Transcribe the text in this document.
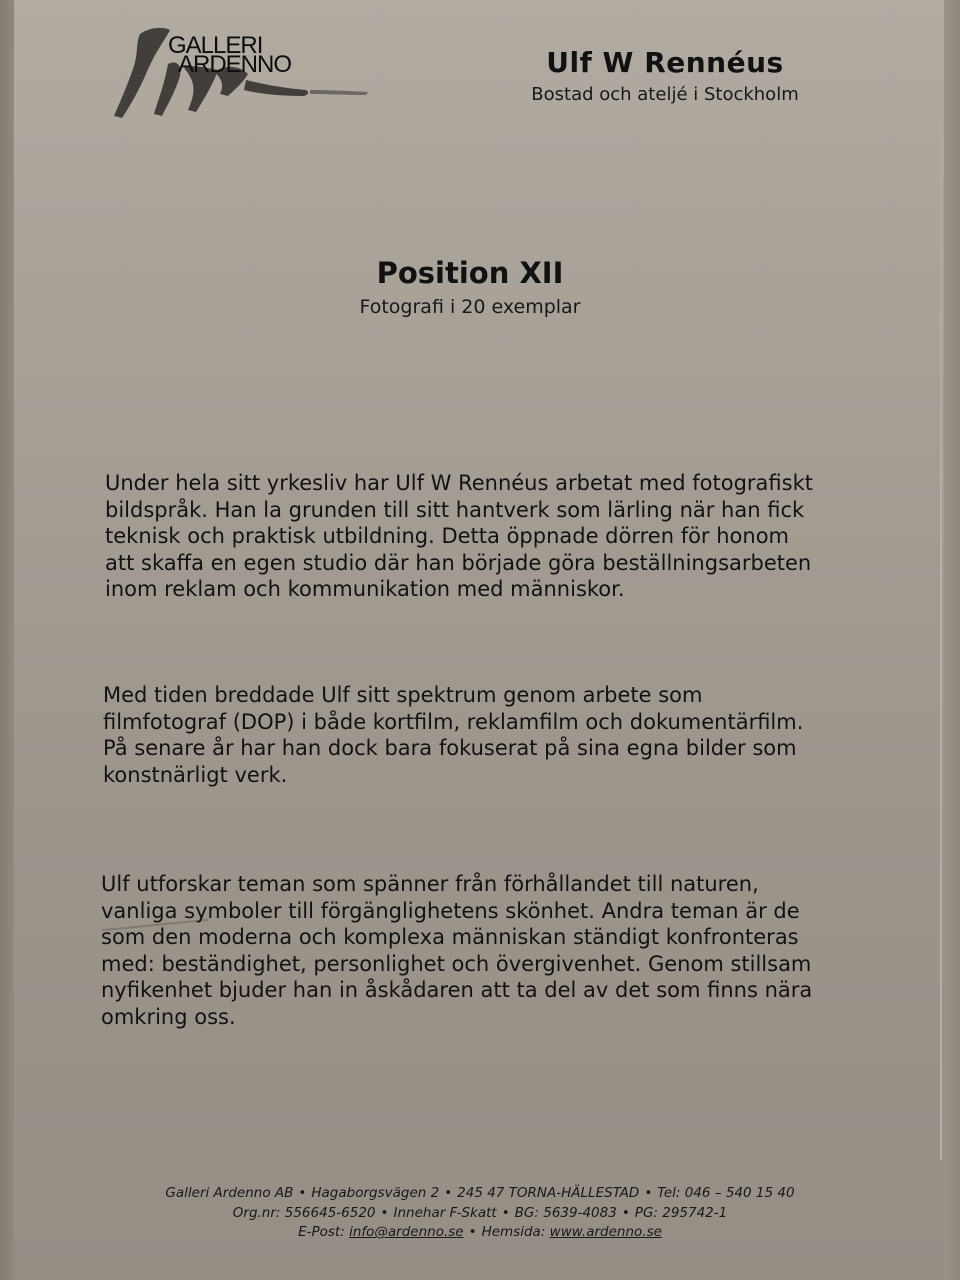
GALLERI
ARDENNO	Ulf W Rennéus
Bostad och ateljé i Stockholm
Position XII
Fotografi i 20 exemplar
Under hela sitt yrkesliv har Ulf W Rennéus arbetat med fotografiskt
bildspråk. Han la grunden till sitt hantverk som lärling när han fick
teknisk och praktisk utbildning. Detta öppnade dörren för honom
att skaffa en egen studio där han började göra beställningsarbeten
inom reklam och kommunikation med människor.
Med tiden breddade Ulf sitt spektrum genom arbete som
filmfotograf (DOP) i både kortfilm, reklamfilm och dokumentärfilm.
På senare år har han dock bara fokuserat på sina egna bilder som
konstnärligt verk.
Ulf utforskar teman som spänner från förhållandet till naturen,
vanliga symboler till förgänglighetens skönhet. Andra teman är de
som den moderna och komplexa människan ständigt konfronteras
med: beständighet, personlighet och övergivenhet. Genom stillsam
nyfikenhet bjuder han in åskådaren att ta del av det som finns nära
omkring oss.
Galleri Ardenno AB • Hagaborgsvägen 2 • 245 47 TORNA-HÄLLESTAD • Tel: 046 – 540 15 40
Org.nr: 556645-6520 • Innehar F-Skatt • BG: 5639-4083 • PG: 295742-1
E-Post: info@ardenno.se • Hemsida: www.ardenno.se
